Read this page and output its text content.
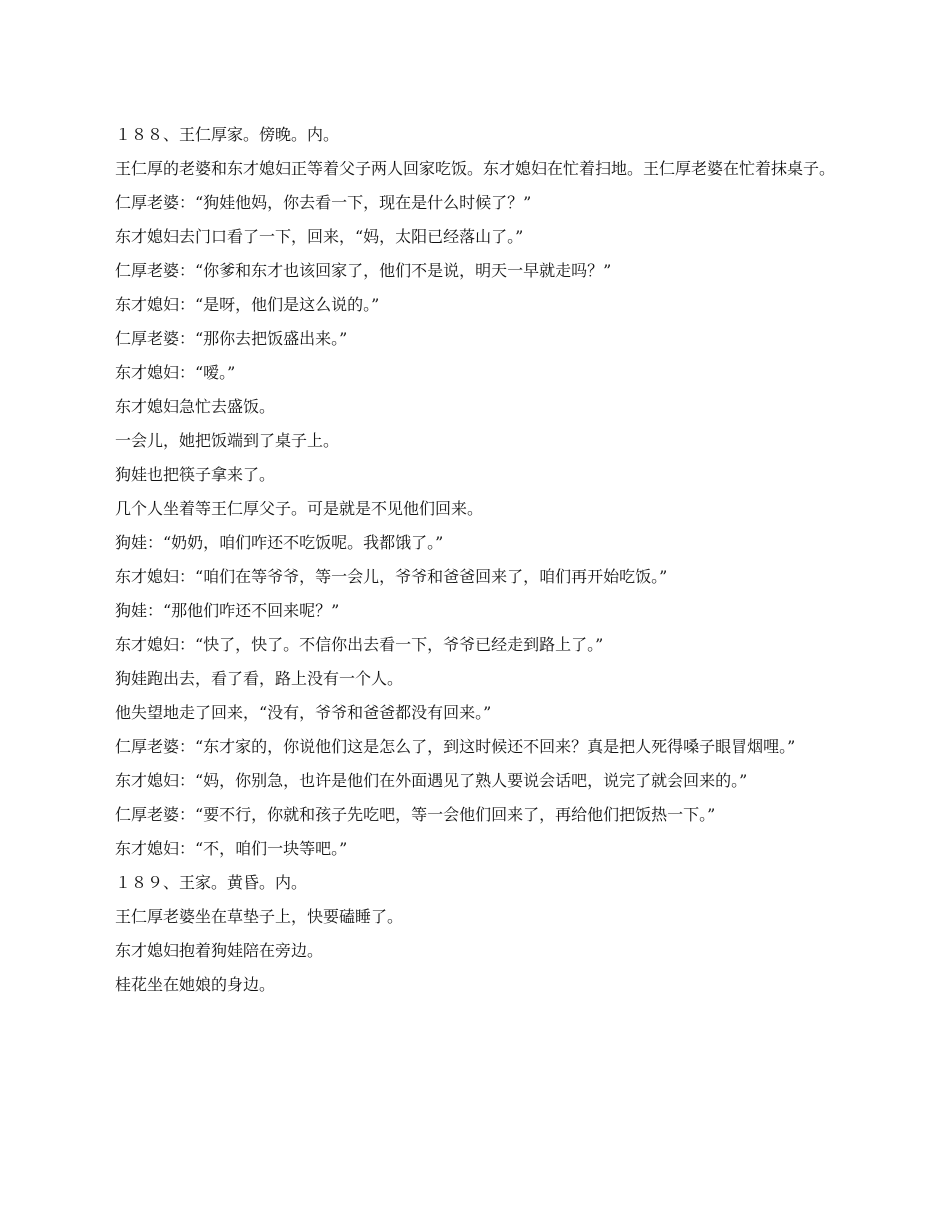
１８８、王仁厚家。傍晚。内。

王仁厚的老婆和东才媳妇正等着父子两人回家吃饭。东才媳妇在忙着扫地。王仁厚老婆在忙着抹桌子。

仁厚老婆：“狗娃他妈，你去看一下，现在是什么时候了？”

东才媳妇去门口看了一下，回来，“妈，太阳已经落山了。”

仁厚老婆：“你爹和东才也该回家了，他们不是说，明天一早就走吗？”

东才媳妇：“是呀，他们是这么说的。”

仁厚老婆：“那你去把饭盛出来。”

东才媳妇：“嗳。”

东才媳妇急忙去盛饭。

一会儿，她把饭端到了桌子上。

狗娃也把筷子拿来了。

几个人坐着等王仁厚父子。可是就是不见他们回来。

狗娃：“奶奶，咱们咋还不吃饭呢。我都饿了。”

东才媳妇：“咱们在等爷爷，等一会儿，爷爷和爸爸回来了，咱们再开始吃饭。”

狗娃：“那他们咋还不回来呢？”

东才媳妇：“快了，快了。不信你出去看一下，爷爷已经走到路上了。”

狗娃跑出去，看了看，路上没有一个人。

他失望地走了回来，“没有，爷爷和爸爸都没有回来。”

仁厚老婆：“东才家的，你说他们这是怎么了，到这时候还不回来？真是把人死得嗓子眼冒烟哩。”

东才媳妇：“妈，你别急，也许是他们在外面遇见了熟人要说会话吧，说完了就会回来的。”

仁厚老婆：“要不行，你就和孩子先吃吧，等一会他们回来了，再给他们把饭热一下。”

东才媳妇：“不，咱们一块等吧。”

１８９、王家。黄昏。内。

王仁厚老婆坐在草垫子上，快要磕睡了。

东才媳妇抱着狗娃陪在旁边。

桂花坐在她娘的身边。
